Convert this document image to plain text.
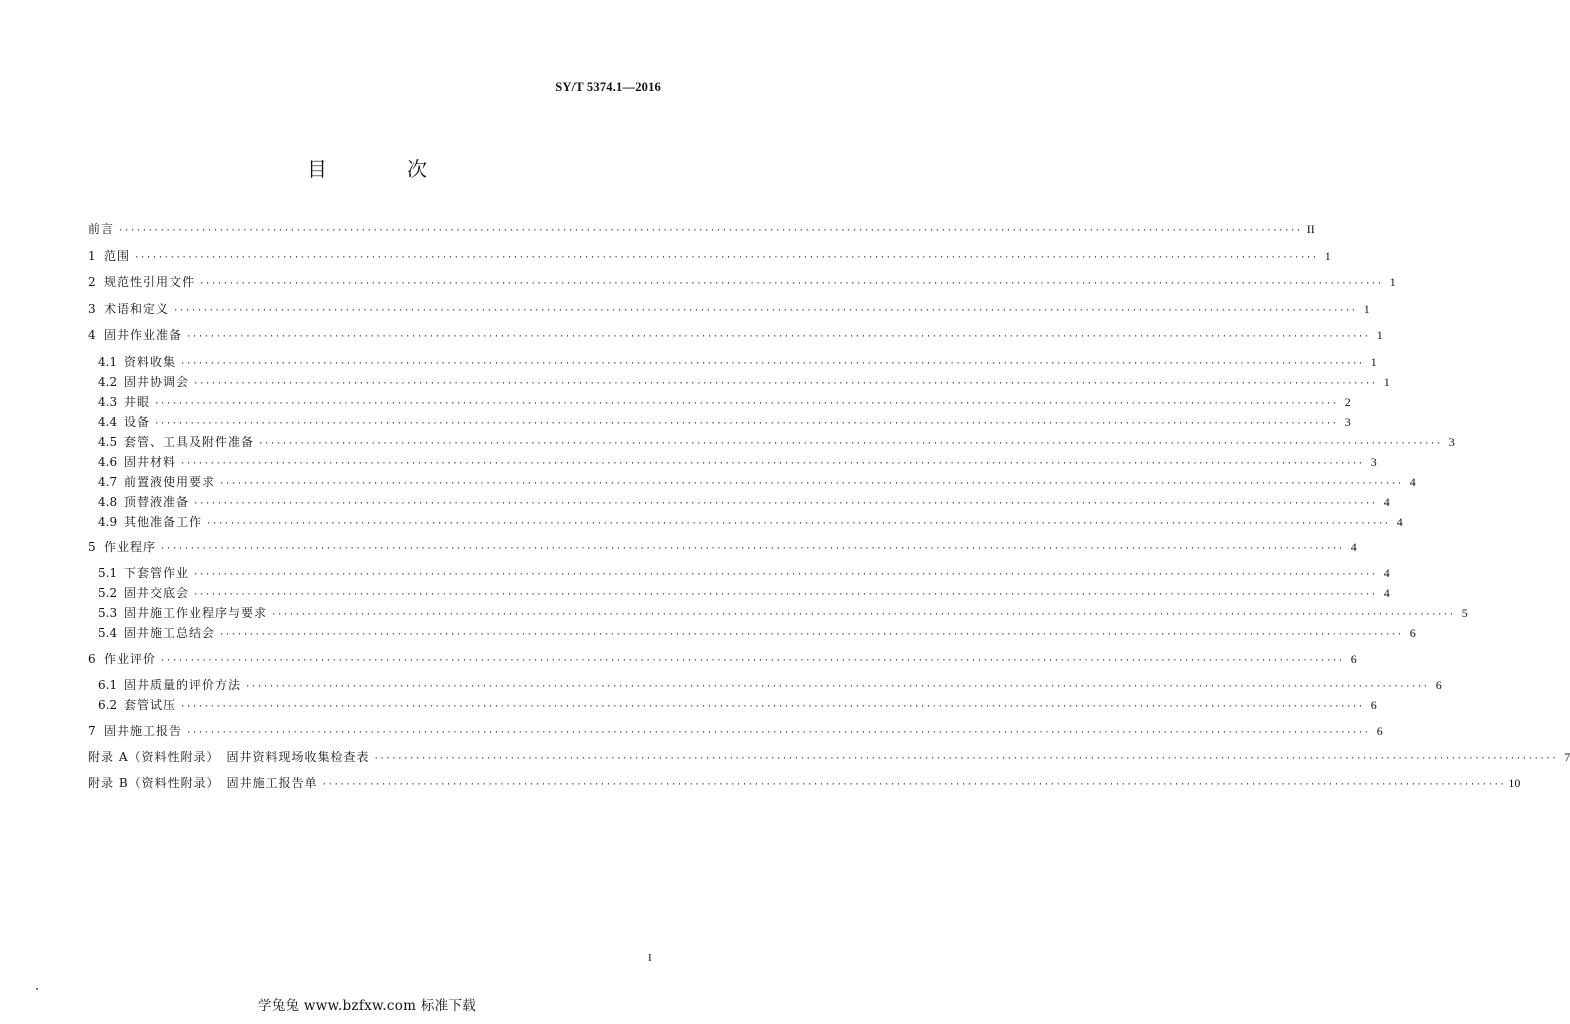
SY/T 5374.1—2016
目　次
前言 ········································································································································································································ II
1 范围 ········································································································································································································ 1
2 规范性引用文件 ········································································································································································································ 1
3 术语和定义 ········································································································································································································ 1
4 固井作业准备 ········································································································································································································ 1
4.1 资料收集 ········································································································································································································ 1
4.2 固井协调会 ········································································································································································································ 1
4.3 井眼 ········································································································································································································ 2
4.4 设备 ········································································································································································································ 3
4.5 套管、工具及附件准备 ········································································································································································································ 3
4.6 固井材料 ········································································································································································································ 3
4.7 前置液使用要求 ········································································································································································································ 4
4.8 顶替液准备 ········································································································································································································ 4
4.9 其他准备工作 ········································································································································································································ 4
5 作业程序 ········································································································································································································ 4
5.1 下套管作业 ········································································································································································································ 4
5.2 固井交底会 ········································································································································································································ 4
5.3 固井施工作业程序与要求 ········································································································································································································ 5
5.4 固井施工总结会 ········································································································································································································ 6
6 作业评价 ········································································································································································································ 6
6.1 固井质量的评价方法 ········································································································································································································ 6
6.2 套管试压 ········································································································································································································ 6
7 固井施工报告 ········································································································································································································ 6
附录 A（资料性附录）　固井资料现场收集检查表 ········································································································································································································ 7
附录 B（资料性附录）　固井施工报告单 ········································································································································································································ 10
I
学兔兔 www.bzfxw.com 标准下载
